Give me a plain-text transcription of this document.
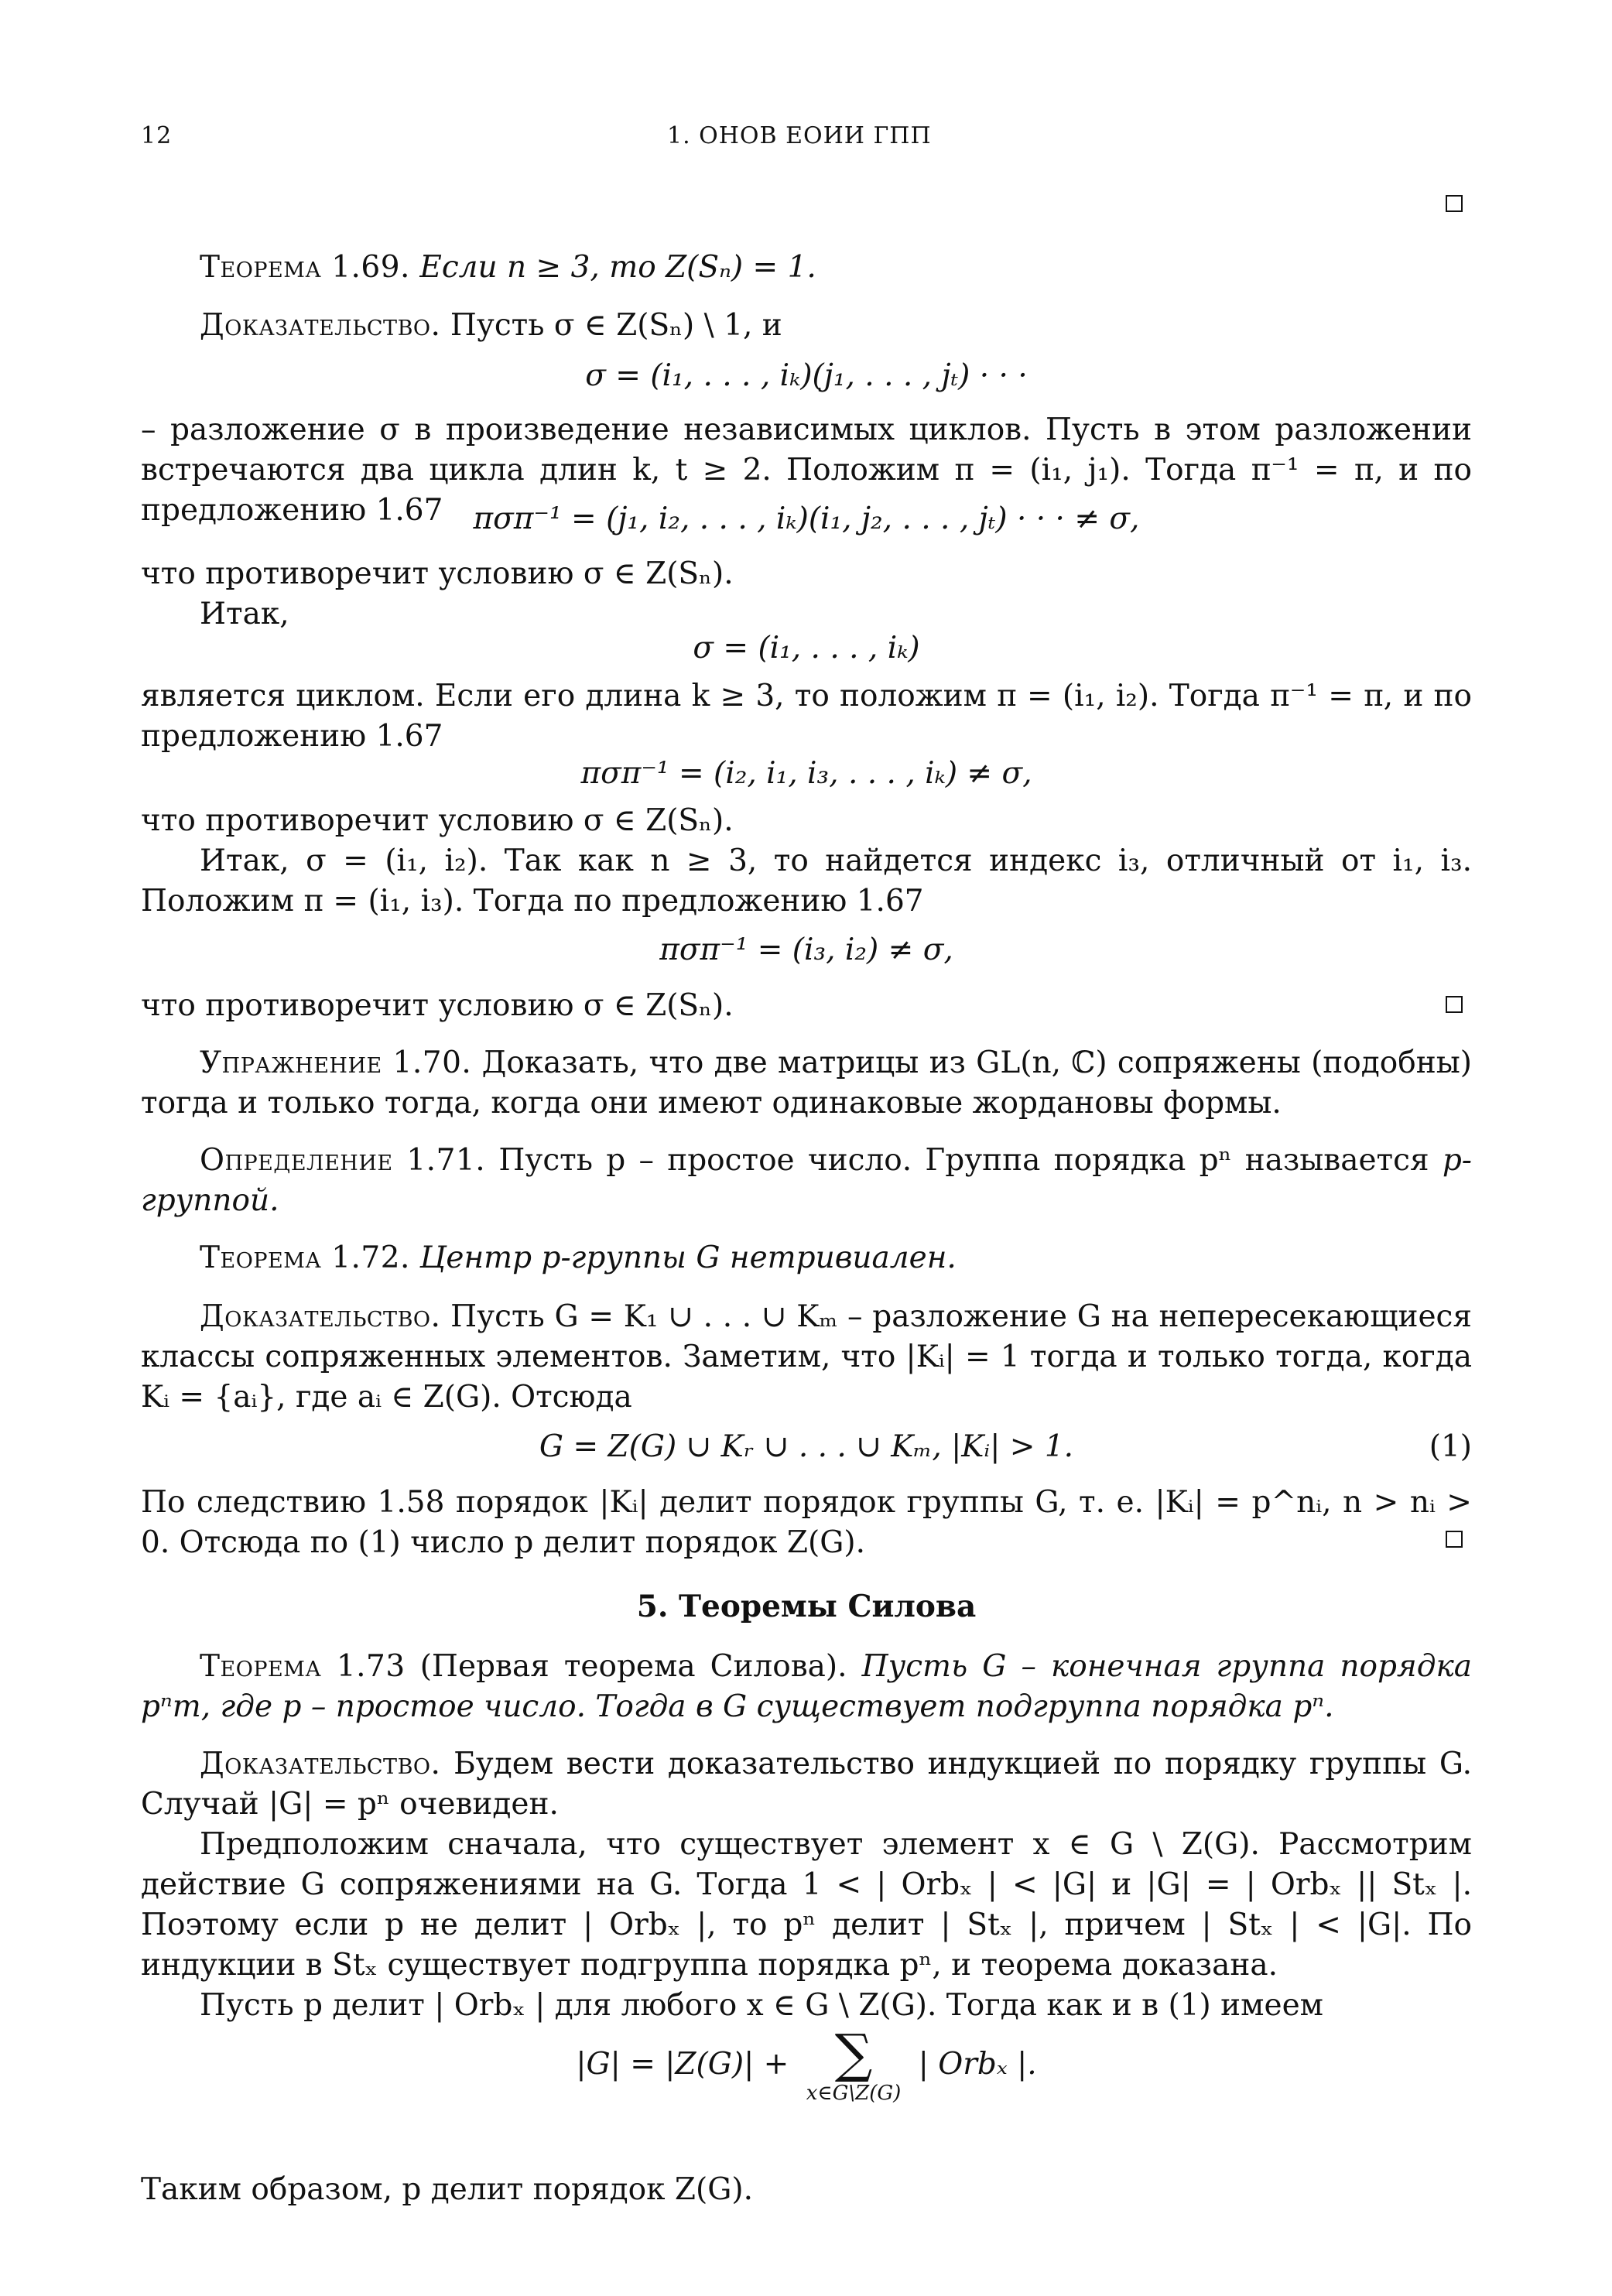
12	1. ОНОВ ЕОИИ ГПП

Теорема 1.69. Если n ≥ 3, то Z(Sₙ) = 1.

Доказательство. Пусть σ ∈ Z(Sₙ) \ 1, и

σ = (i₁, . . . , iₖ)(j₁, . . . , jₜ) · · ·

– разложение σ в произведение независимых циклов. Пусть в этом разложении встречаются два цикла длин k, t ≥ 2. Положим π = (i₁, j₁). Тогда π⁻¹ = π, и по предложению 1.67	πσπ⁻¹ = (j₁, i₂, . . . , iₖ)(i₁, j₂, . . . , jₜ) · · · ≠ σ,

что противоречит условию σ ∈ Z(Sₙ).

Итак,

σ = (i₁, . . . , iₖ)

является циклом. Если его длина k ≥ 3, то положим π = (i₁, i₂). Тогда π⁻¹ = π, и по предложению 1.67

πσπ⁻¹ = (i₂, i₁, i₃, . . . , iₖ) ≠ σ,

что противоречит условию σ ∈ Z(Sₙ).

Итак, σ = (i₁, i₂). Так как n ≥ 3, то найдется индекс i₃, отличный от i₁, i₃. Положим π = (i₁, i₃). Тогда по предложению 1.67

πσπ⁻¹ = (i₃, i₂) ≠ σ,

что противоречит условию σ ∈ Z(Sₙ).

Упражнение 1.70. Доказать, что две матрицы из GL(n, ℂ) сопряжены (подобны) тогда и только тогда, когда они имеют одинаковые жордановы формы.

Определение 1.71. Пусть p – простое число. Группа порядка pⁿ называется p-группой.

Теорема 1.72. Центр p-группы G нетривиален.

Доказательство. Пусть G = K₁ ∪ . . . ∪ Kₘ – разложение G на непересекающиеся классы сопряженных элементов. Заметим, что |Kᵢ| = 1 тогда и только тогда, когда Kᵢ = {aᵢ}, где aᵢ ∈ Z(G). Отсюда

G = Z(G) ∪ Kᵣ ∪ . . . ∪ Kₘ, |Kᵢ| > 1.	(1)

По следствию 1.58 порядок |Kᵢ| делит порядок группы G, т. е. |Kᵢ| = p^nᵢ, n > nᵢ > 0. Отсюда по (1) число p делит порядок Z(G).

5. Теоремы Силова

Теорема 1.73 (Первая теорема Силова). Пусть G – конечная группа порядка pⁿm, где p – простое число. Тогда в G существует подгруппа порядка pⁿ.

Доказательство. Будем вести доказательство индукцией по порядку группы G. Случай |G| = pⁿ очевиден.

Предположим сначала, что существует элемент x ∈ G \ Z(G). Рассмотрим действие G сопряжениями на G. Тогда 1 < | Orbₓ | < |G| и |G| = | Orbₓ || Stₓ |. Поэтому если p не делит | Orbₓ |, то pⁿ делит | Stₓ |, причем | Stₓ | < |G|. По индукции в Stₓ существует подгруппа порядка pⁿ, и теорема доказана.

Пусть p делит | Orbₓ | для любого x ∈ G \ Z(G). Тогда как и в (1) имеем

|G| = |Z(G)| + ∑
x∈G\Z(G)
| Orbₓ |.

Таким образом, p делит порядок Z(G).
